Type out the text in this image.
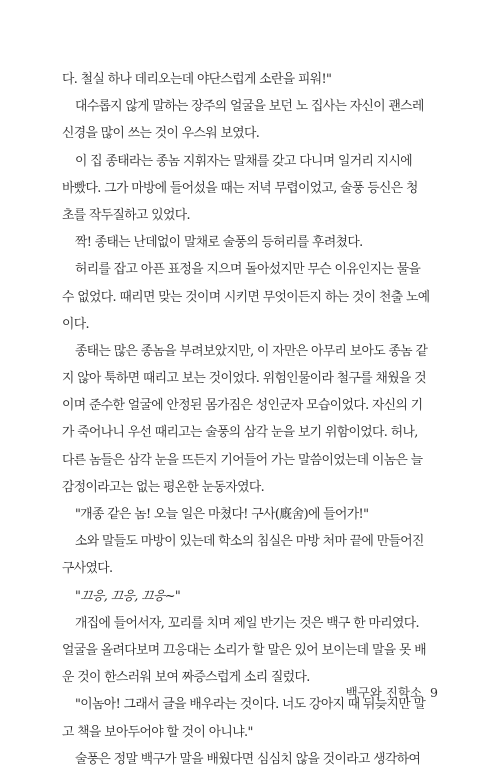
다. 철실 하나 데리오는데 야단스럽게 소란을 피워!"
대수롭지 않게 말하는 장주의 얼굴을 보던 노 집사는 자신이 괜스레
신경을 많이 쓰는 것이 우스워 보였다.
이 집 종태라는 종놈 지휘자는 말채를 갖고 다니며 일거리 지시에
바빴다. 그가 마방에 들어섰을 때는 저녁 무렵이었고, 술풍 등신은 청
초를 작두질하고 있었다.
짝! 종태는 난데없이 말채로 술풍의 등허리를 후려쳤다.
허리를 잡고 아픈 표정을 지으며 돌아섰지만 무슨 이유인지는 물을
수 없었다. 때리면 맞는 것이며 시키면 무엇이든지 하는 것이 천출 노예
이다.
종태는 많은 종놈을 부려보았지만, 이 자만은 아무리 보아도 종놈 같
지 않아 툭하면 때리고 보는 것이었다. 위험인물이라 철구를 채웠을 것
이며 준수한 얼굴에 안정된 몸가짐은 성인군자 모습이었다. 자신의 기
가 죽어나니 우선 때리고는 술풍의 삼각 눈을 보기 위함이었다. 허나,
다른 놈들은 삼각 눈을 뜨든지 기어들어 가는 말씀이었는데 이놈은 늘
감정이라고는 없는 평온한 눈동자였다.
"개종 같은 놈! 오늘 일은 마쳤다! 구사(廐舍)에 들어가!"
소와 말들도 마방이 있는데 학소의 침실은 마방 처마 끝에 만들어진
구사였다.
"끄응, 끄응, 끄응~"
개집에 들어서자, 꼬리를 치며 제일 반기는 것은 백구 한 마리였다.
얼굴을 올려다보며 끄응대는 소리가 할 말은 있어 보이는데 말을 못 배
운 것이 한스러워 보여 짜증스럽게 소리 질렀다.
"이놈아! 그래서 글을 배우라는 것이다. 너도 강아지 때 뒤늦지만 말
고 책을 보아두어야 할 것이 아니냐."
술풍은 정말 백구가 말을 배웠다면 심심치 않을 것이라고 생각하여
백구와 진학소 9
